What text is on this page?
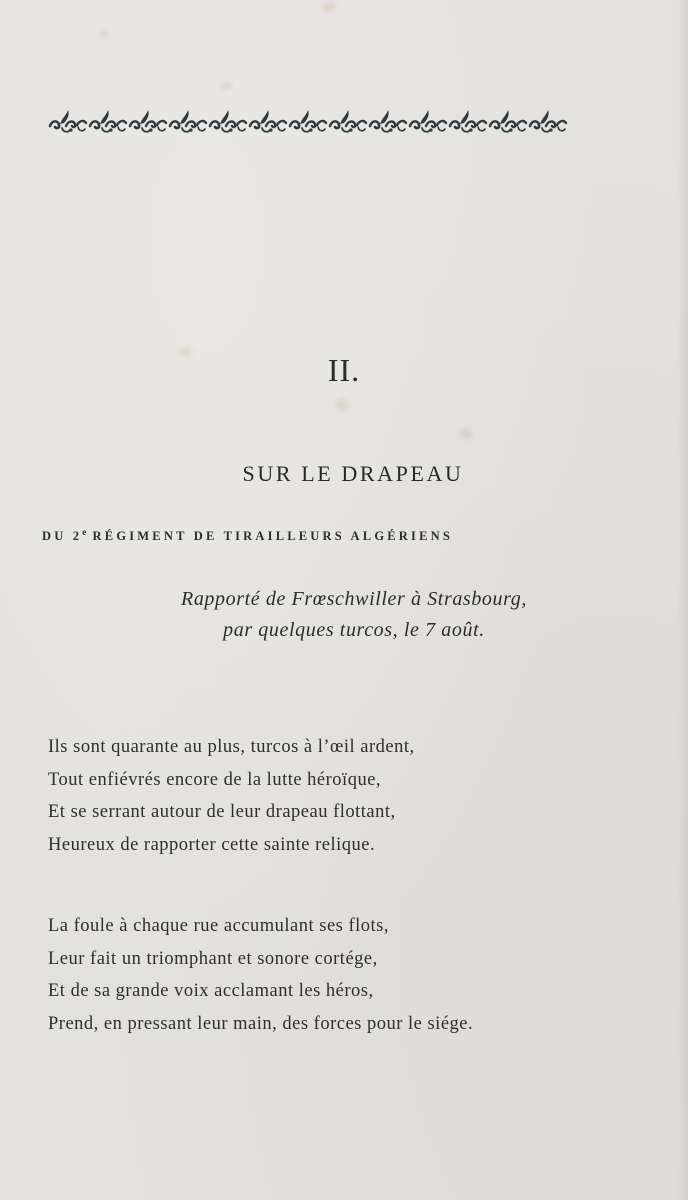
II.
SUR LE DRAPEAU
DU 2e RÉGIMENT DE TIRAILLEURS ALGÉRIENS
Rapporté de Frœschwiller à Strasbourg,
par quelques turcos, le 7 août.
Ils sont quarante au plus, turcos à l’œil ardent,
Tout enfiévrés encore de la lutte héroïque,
Et se serrant autour de leur drapeau flottant,
Heureux de rapporter cette sainte relique.
La foule à chaque rue accumulant ses flots,
Leur fait un triomphant et sonore cortége,
Et de sa grande voix acclamant les héros,
Prend, en pressant leur main, des forces pour le siége.
